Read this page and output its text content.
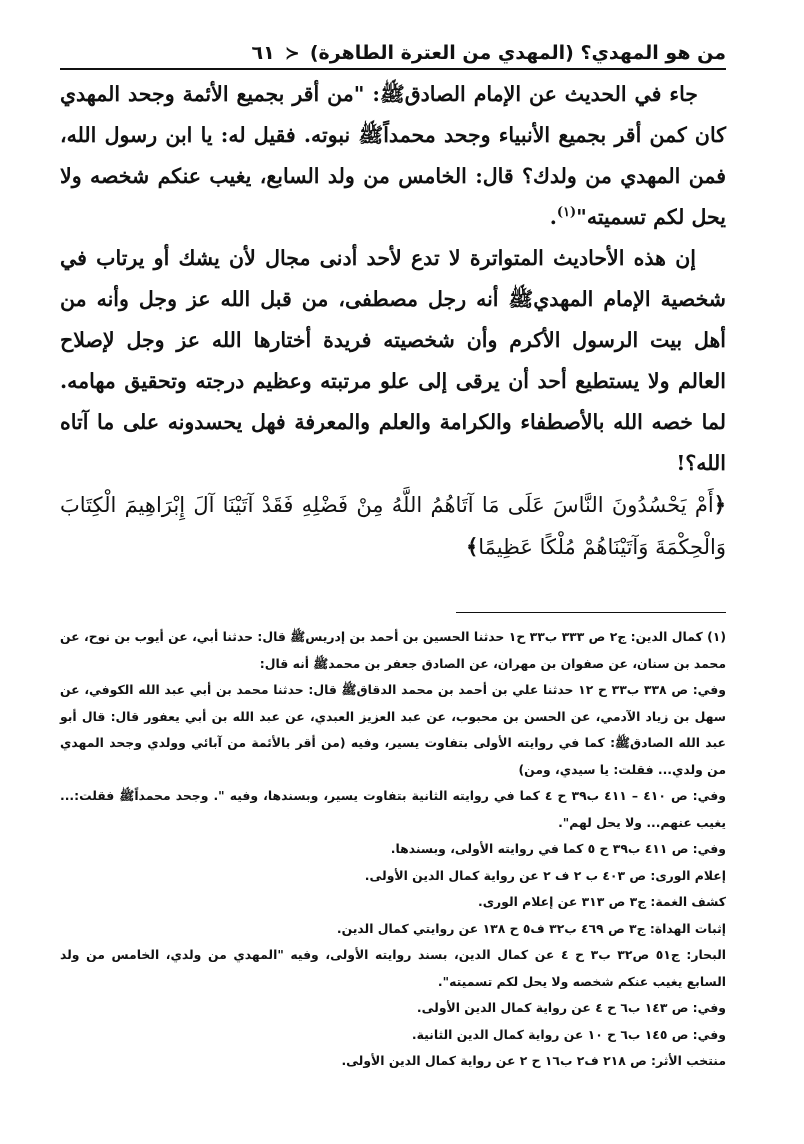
من هو المهدي؟ (المهدي من العترة الطاهرة)
≺
٦١

جاء في الحديث عن الإمام الصادقﷺ: "من أقر بجميع الأئمة وجحد المهدي كان كمن أقر بجميع الأنبياء وجحد محمداًﷺ نبوته. فقيل له: يا ابن رسول الله، فمن المهدي من ولدك؟ قال: الخامس من ولد السابع، يغيب عنكم شخصه ولا يحل لكم تسميته"$^{(١)}$.

إن هذه الأحاديث المتواترة لا تدع لأحد أدنى مجال لأن يشك أو يرتاب في شخصية الإمام المهديﷺ أنه رجل مصطفى، من قبل الله عز وجل وأنه من أهل بيت الرسول الأكرم وأن شخصيته فريدة أختارها الله عز وجل لإصلاح العالم ولا يستطيع أحد أن يرقى إلى علو مرتبته وعظيم درجته وتحقيق مهامه. لما خصه الله بالأصطفاء والكرامة والعلم والمعرفة فهل يحسدونه على ما آتاه الله؟!

﴿أَمْ يَحْسُدُونَ النَّاسَ عَلَى مَا آتَاهُمُ اللَّهُ مِنْ فَضْلِهِ فَقَدْ آتَيْنَا آلَ إِبْرَاهِيمَ الْكِتَابَ وَالْحِكْمَةَ وَآتَيْنَاهُمْ مُلْكًا عَظِيمًا﴾

(١) كمال الدين: ج٢ ص ٣٣٣ ب٣٣ ح١ حدثنا الحسين بن أحمد بن إدريسﷺ قال: حدثنا أبي، عن أيوب بن نوح، عن محمد بن سنان، عن صفوان بن مهران، عن الصادق جعفر بن محمدﷺ أنه قال:

وفي: ص ٣٣٨ ب٣٣ ح ١٢ حدثنا علي بن أحمد بن محمد الدقاقﷺ قال: حدثنا محمد بن أبي عبد الله الكوفي، عن سهل بن زياد الآدمي، عن الحسن بن محبوب، عن عبد العزيز العبدي، عن عبد الله بن أبي يعفور قال: قال أبو عبد الله الصادقﷺ: كما في روايته الأولى بتفاوت يسير، وفيه (من أقر بالأئمة من آبائي وولدي وجحد المهدي من ولدي... فقلت: يا سيدي، ومن)

وفي: ص ٤١٠ – ٤١١ ب٣٩ ح ٤ كما في روايته الثانية بتفاوت يسير، وبسندها، وفيه ". وجحد محمداًﷺ فقلت:... يغيب عنهم... ولا يحل لهم".

وفي: ص ٤١١ ب٣٩ ح ٥ كما في روايته الأولى، وبسندها.

إعلام الورى: ص ٤٠٣ ب ٢ ف ٢ عن رواية كمال الدين الأولى.

كشف الغمة: ج٣ ص ٣١٣ عن إعلام الورى.

إثبات الهداة: ج٣ ص ٤٦٩ ب٣٢ ف٥ ح ١٣٨ عن روايتي كمال الدين.

البحار: ج٥١ ص٣٢ ب٣ ح ٤ عن كمال الدين، بسند روايته الأولى، وفيه "المهدي من ولدي، الخامس من ولد السابع يغيب عنكم شخصه ولا يحل لكم تسميته".

وفي: ص ١٤٣ ب٦ ح ٤ عن رواية كمال الدين الأولى.

وفي: ص ١٤٥ ب٦ ح ١٠ عن رواية كمال الدين الثانية.

منتخب الأثر: ص ٢١٨ ف٢ ب١٦ ح ٢ عن رواية كمال الدين الأولى.
